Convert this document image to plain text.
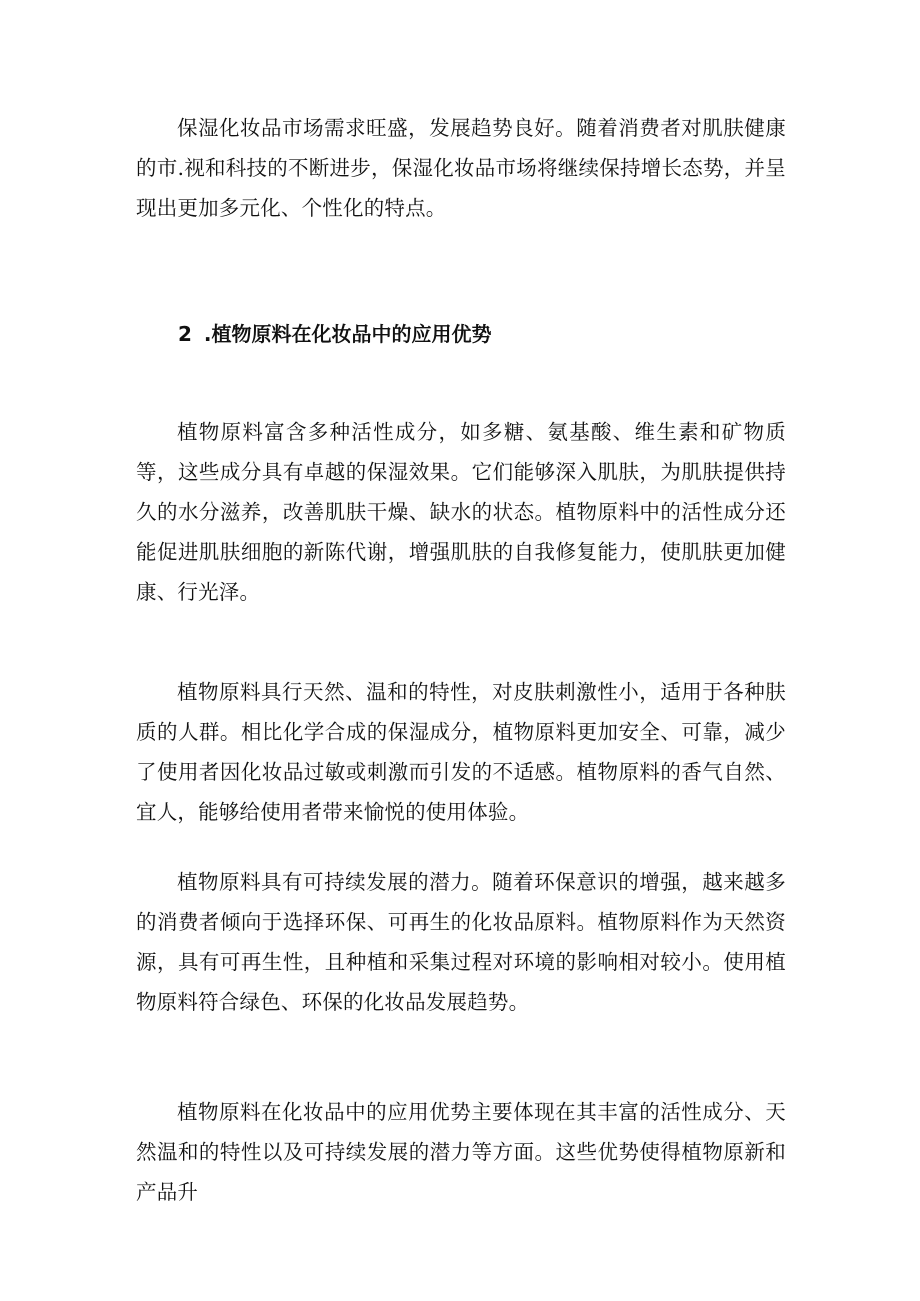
保湿化妆品市场需求旺盛，发展趋势良好。随着消费者对肌肤健康的市.视和科技的不断进步，保湿化妆品市场将继续保持增长态势，并呈现出更加多元化、个性化的特点。

2 .植物原料在化妆品中的应用优势

植物原料富含多种活性成分，如多糖、氨基酸、维生素和矿物质等，这些成分具有卓越的保湿效果。它们能够深入肌肤，为肌肤提供持久的水分滋养，改善肌肤干燥、缺水的状态。植物原料中的活性成分还能促进肌肤细胞的新陈代谢，增强肌肤的自我修复能力，使肌肤更加健康、行光泽。

植物原料具行天然、温和的特性，对皮肤刺激性小，适用于各种肤质的人群。相比化学合成的保湿成分，植物原料更加安全、可靠，减少了使用者因化妆品过敏或刺激而引发的不适感。植物原料的香气自然、宜人，能够给使用者带来愉悦的使用体验。

植物原料具有可持续发展的潜力。随着环保意识的增强，越来越多的消费者倾向于选择环保、可再生的化妆品原料。植物原料作为天然资源，具有可再生性，且种植和采集过程对环境的影响相对较小。使用植物原料符合绿色、环保的化妆品发展趋势。

植物原料在化妆品中的应用优势主要体现在其丰富的活性成分、天然温和的特性以及可持续发展的潜力等方面。这些优势使得植物原新和产品升
